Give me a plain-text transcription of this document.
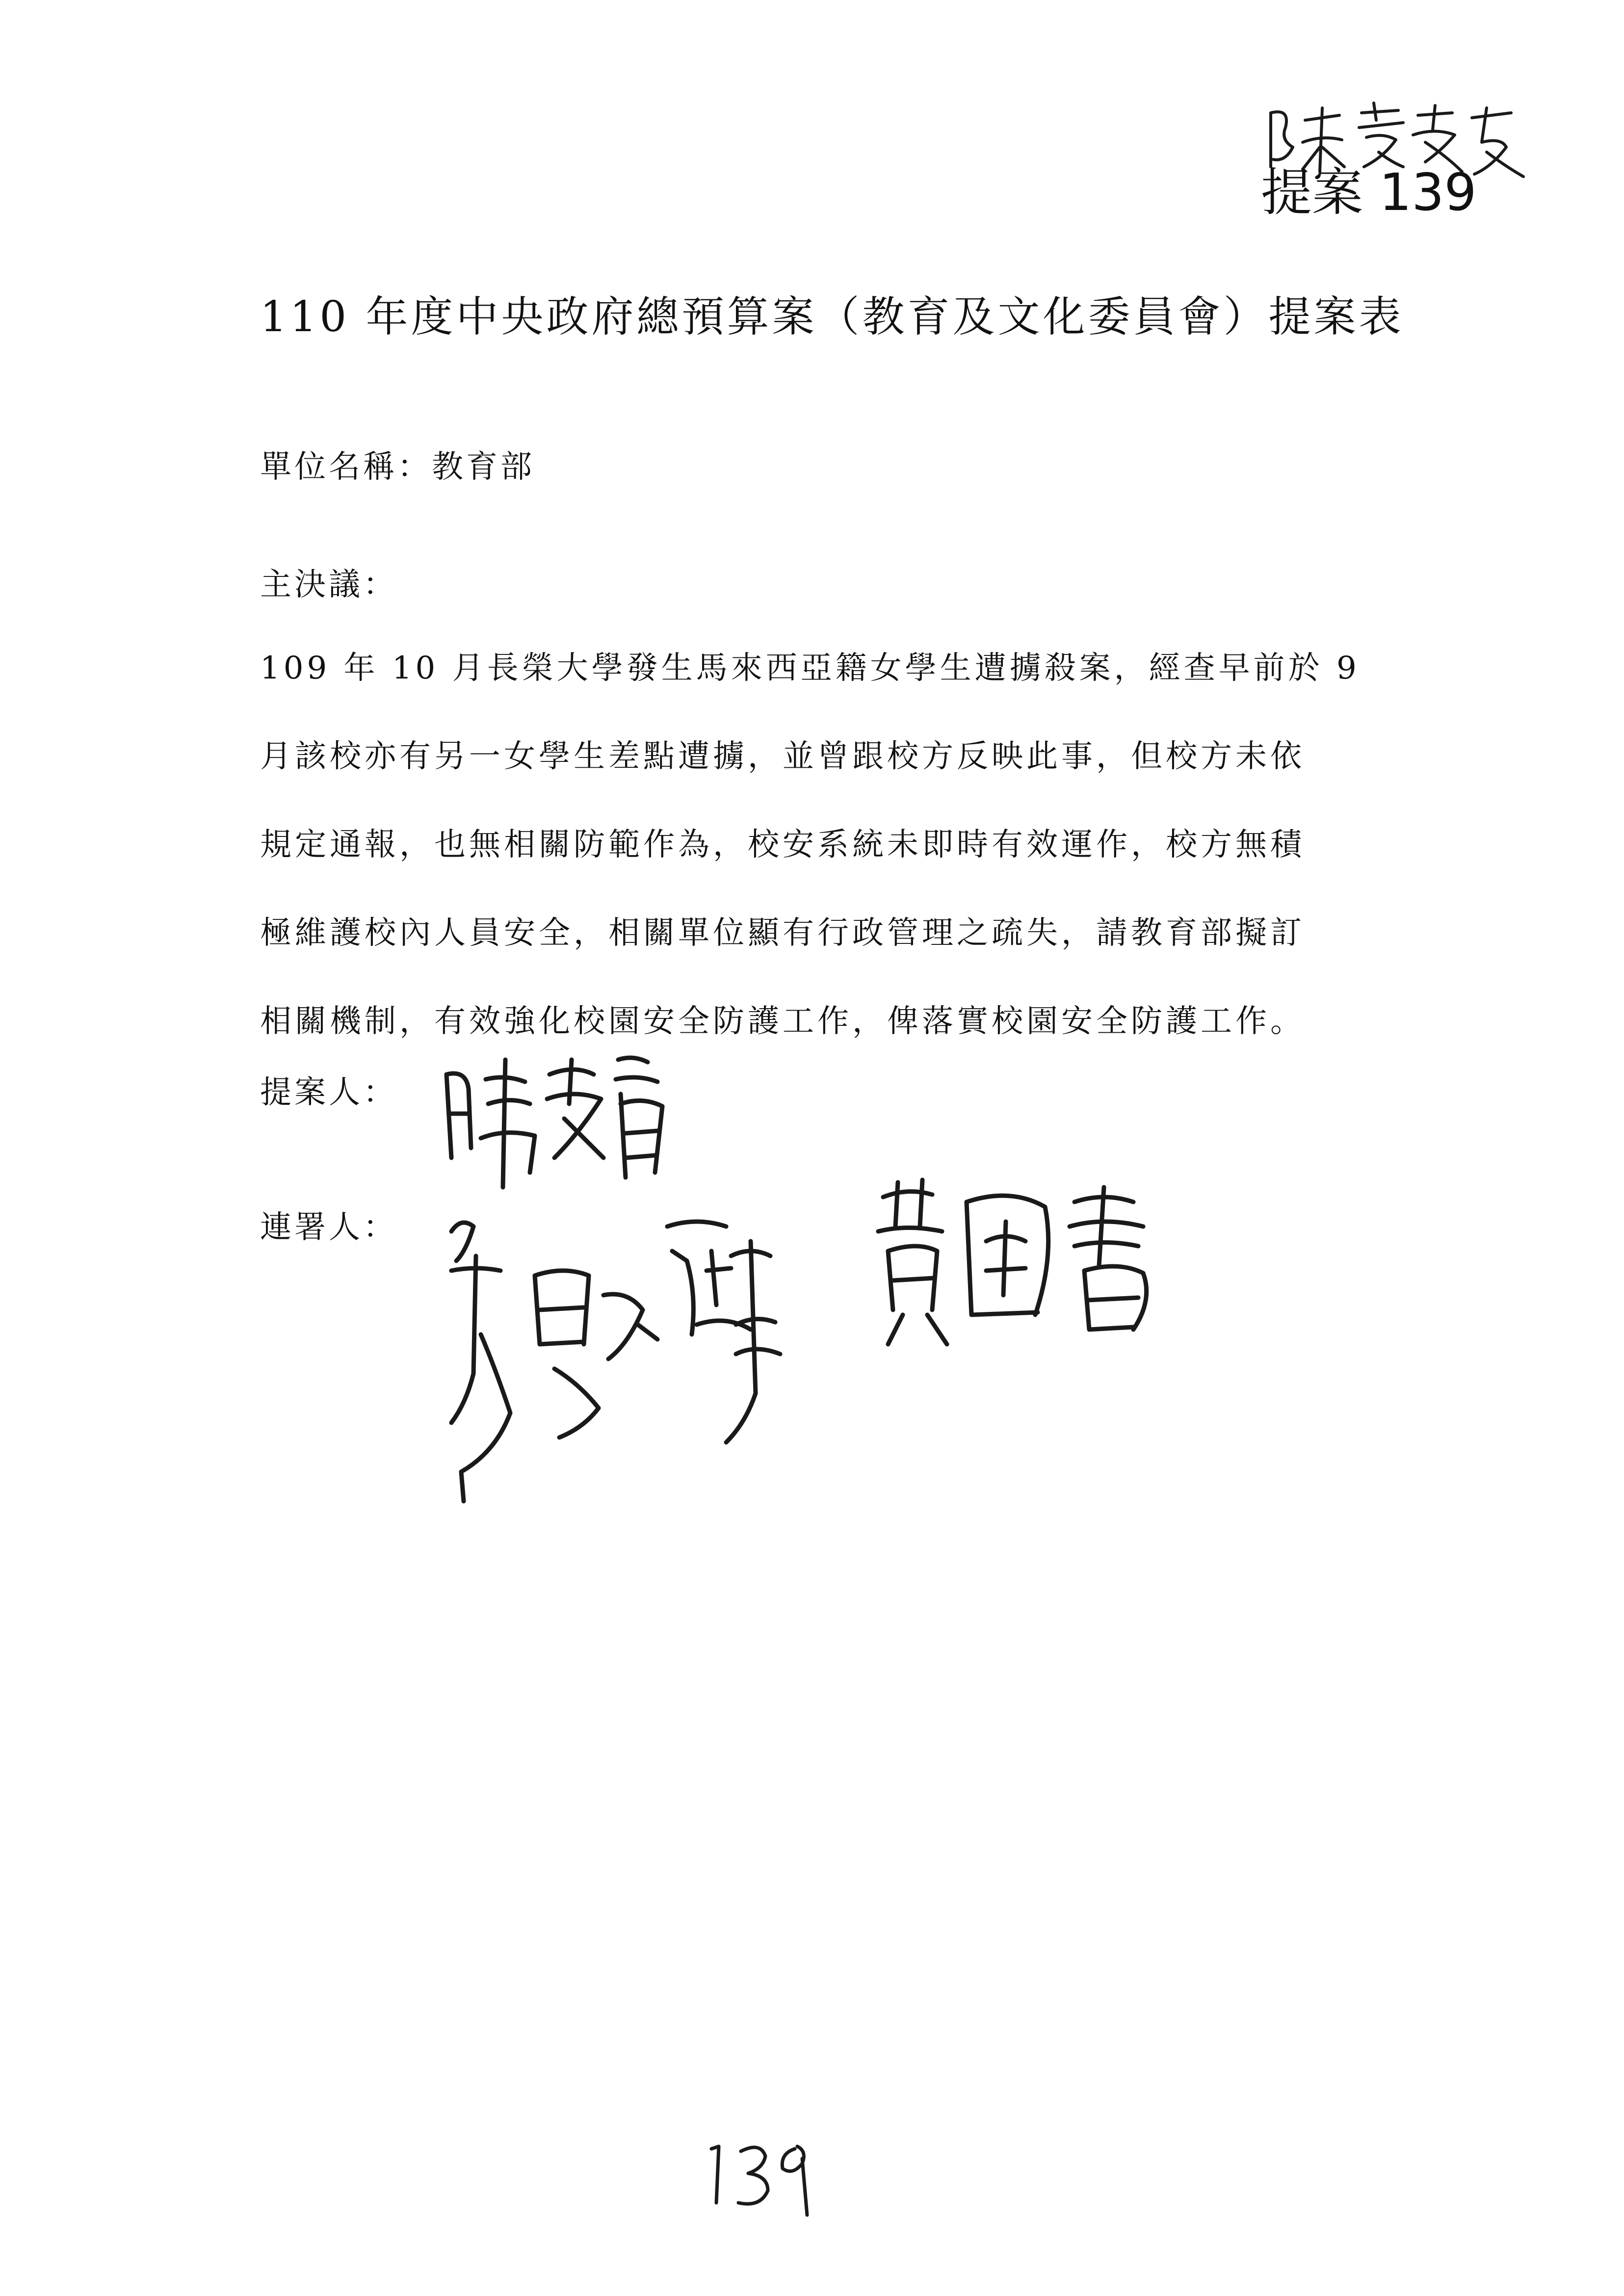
提案 139
110 年度中央政府總預算案（教育及文化委員會）提案表
單位名稱：教育部
主決議：
109 年 10 月長榮大學發生馬來西亞籍女學生遭擄殺案，經查早前於 9
月該校亦有另一女學生差點遭擄，並曾跟校方反映此事，但校方未依
規定通報，也無相關防範作為，校安系統未即時有效運作，校方無積
極維護校內人員安全，相關單位顯有行政管理之疏失，請教育部擬訂
相關機制，有效強化校園安全防護工作，俾落實校園安全防護工作。
提案人：
連署人：
